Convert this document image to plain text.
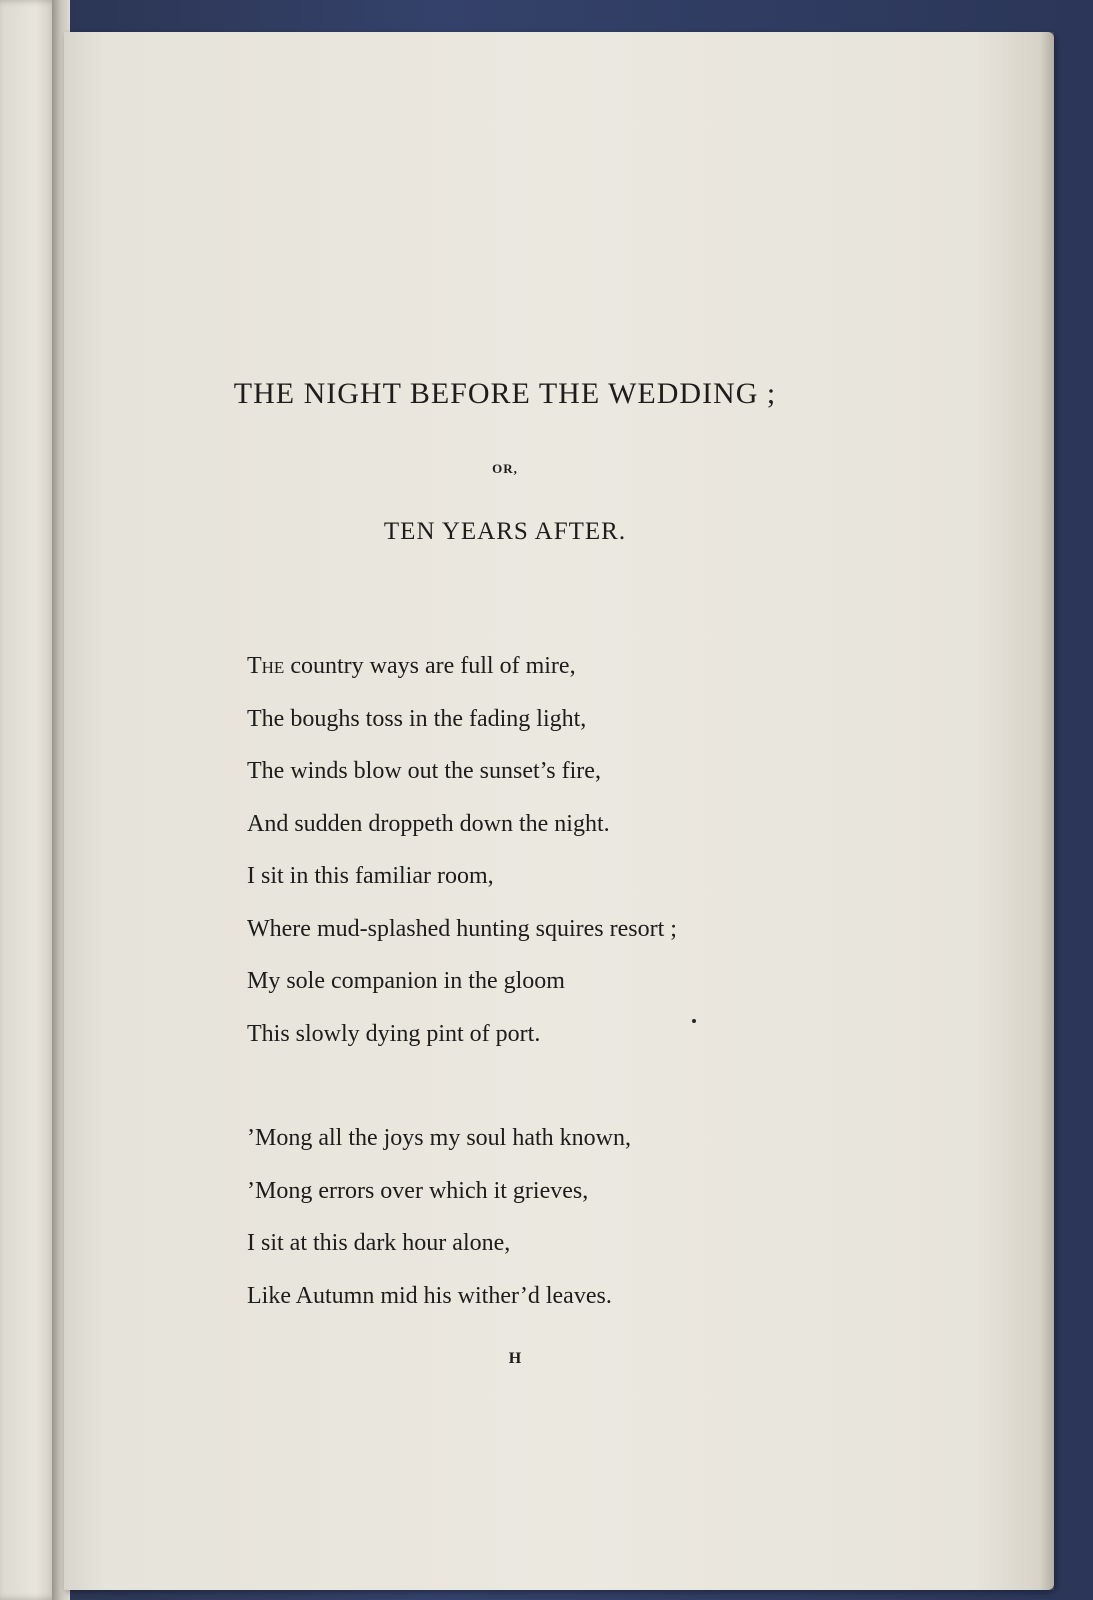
THE NIGHT BEFORE THE WEDDING ;
OR,
TEN YEARS AFTER.
The country ways are full of mire,
The boughs toss in the fading light,
The winds blow out the sunset’s fire,
And sudden droppeth down the night.
I sit in this familiar room,
Where mud-splashed hunting squires resort ;
My sole companion in the gloom
This slowly dying pint of port.
’Mong all the joys my soul hath known,
’Mong errors over which it grieves,
I sit at this dark hour alone,
Like Autumn mid his wither’d leaves.
H
